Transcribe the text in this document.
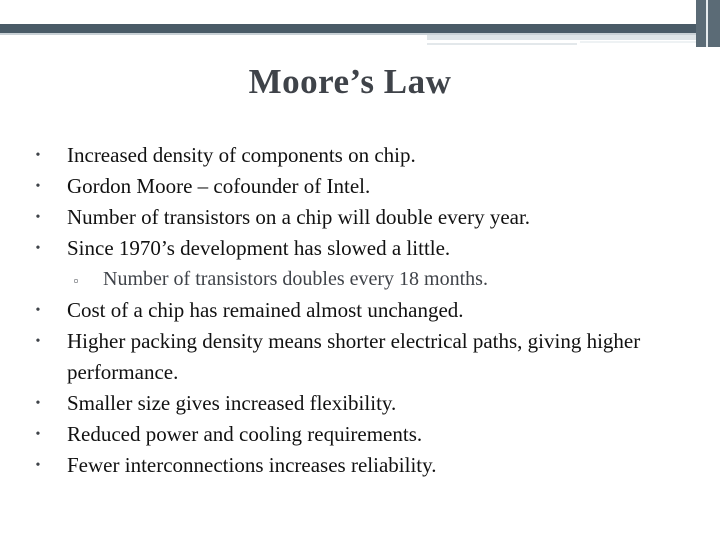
Moore’s Law
•	Increased density of components on chip.
•	Gordon Moore – cofounder of Intel.
•	Number of transistors on a chip will double every year.
•	Since 1970’s development has slowed a little.
▫	Number of transistors doubles every 18 months.
•	Cost of a chip has remained almost unchanged.
•	Higher packing density means shorter electrical paths, giving higher performance.
•	Smaller size gives increased flexibility.
•	Reduced power and cooling requirements.
•	Fewer interconnections increases reliability.
